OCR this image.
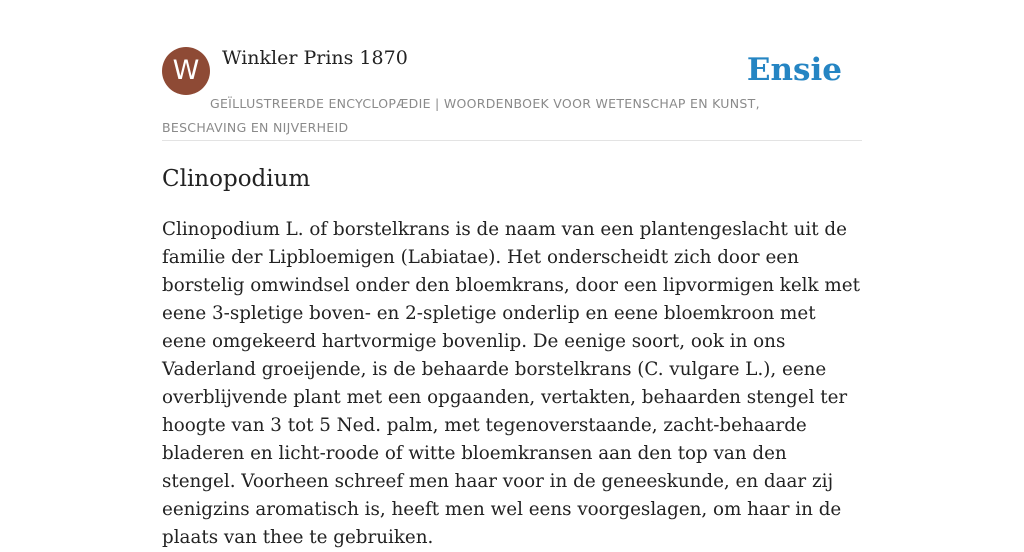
W	Winkler Prins 1870	Ensie
GEÏLLUSTREERDE ENCYCLOPÆDIE | WOORDENBOEK VOOR WETENSCHAP EN KUNST, BESCHAVING EN NIJVERHEID
Clinopodium

Clinopodium L. of borstelkrans is de naam van een plantengeslacht uit de familie der Lipbloemigen (Labiatae). Het onderscheidt zich door een borstelig omwindsel onder den bloemkrans, door een lipvormigen kelk met eene 3-spletige boven- en 2-spletige onderlip en eene bloemkroon met eene omgekeerd hartvormige bovenlip. De eenige soort, ook in ons Vaderland groeijende, is de behaarde borstelkrans (C. vulgare L.), eene overblijvende plant met een opgaanden, vertakten, behaarden stengel ter hoogte van 3 tot 5 Ned. palm, met tegenoverstaande, zacht-behaarde bladeren en licht-roode of witte bloemkransen aan den top van den stengel. Voorheen schreef men haar voor in de geneeskunde, en daar zij eenigzins aromatisch is, heeft men wel eens voorgeslagen, om haar in de plaats van thee te gebruiken.
